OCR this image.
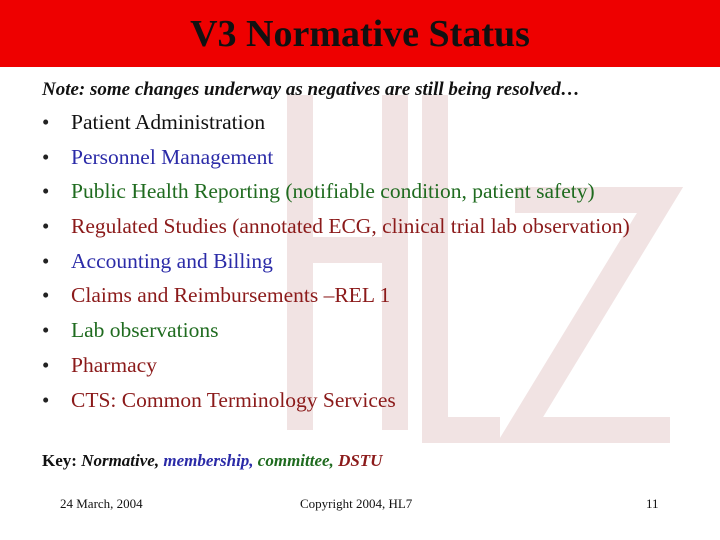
V3 Normative Status
Note: some changes underway as negatives are still being resolved…
• Patient Administration
• Personnel Management
• Public Health Reporting (notifiable condition, patient safety)
• Regulated Studies (annotated ECG, clinical trial lab observation)
• Accounting and Billing
• Claims and Reimbursements –REL 1
• Lab observations
• Pharmacy
• CTS: Common Terminology Services
Key: Normative, membership, committee, DSTU
24 March, 2004	Copyright 2004, HL7	11
